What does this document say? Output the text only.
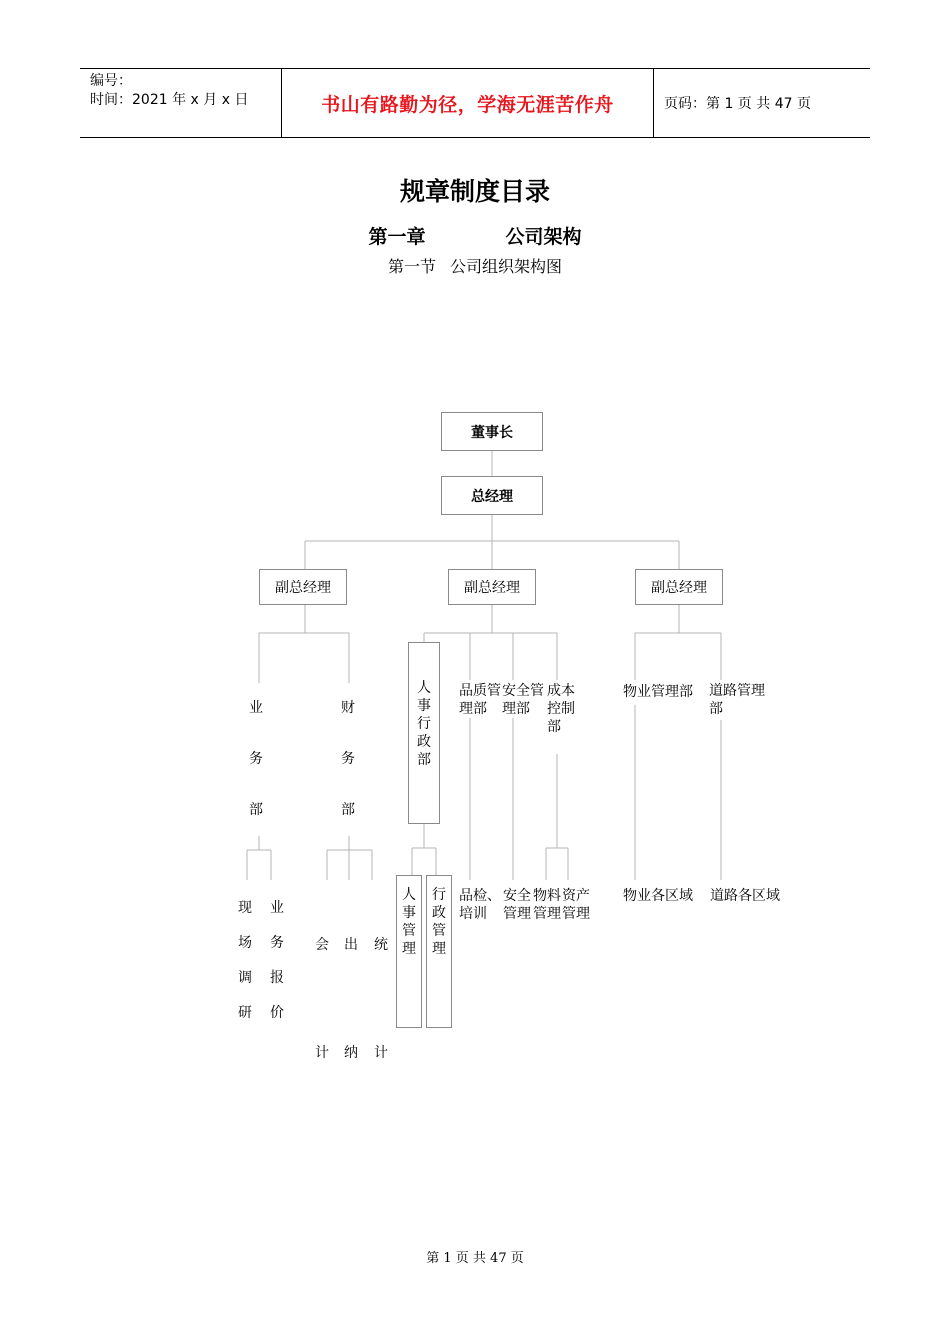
编号：
时间：2021 年 x 月 x 日	书山有路勤为径，学海无涯苦作舟	页码：第 1 页 共 47 页
规章制度目录
第一章	公司架构
第一节 公司组织架构图
董事长
总经理
副总经理	副总经理	副总经理
业务部
财务部
人事行政部
品质管理部
安全管理部
成本控制部
物业管理部 道路管理部
现场调研
业务报价
会计
出纳
统计
人事管理
行政管理
品检、培训
安全管理
物料管理
资产管理
物业各区域 道路各区域
第 1 页 共 47 页
